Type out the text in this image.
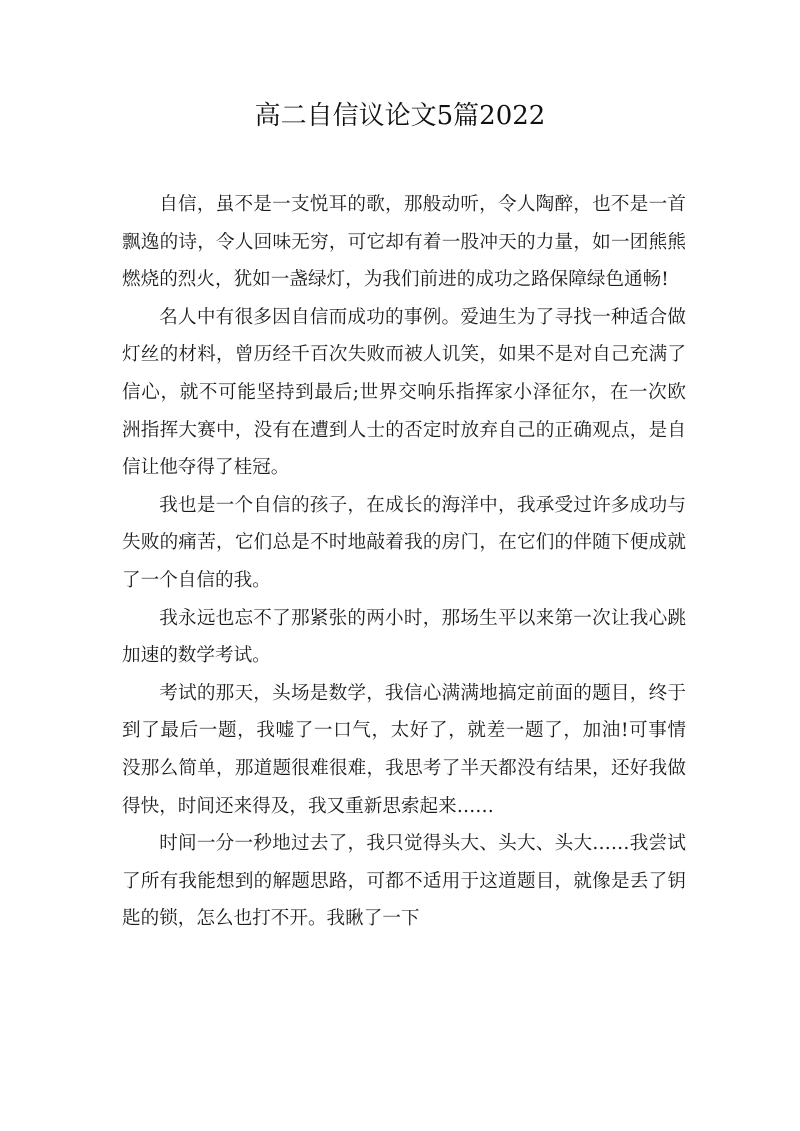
高二自信议论文5篇2022

自信，虽不是一支悦耳的歌，那般动听，令人陶醉，也不是一首飘逸的诗，令人回味无穷，可它却有着一股冲天的力量，如一团熊熊燃烧的烈火，犹如一盏绿灯，为我们前进的成功之路保障绿色通畅!

名人中有很多因自信而成功的事例。爱迪生为了寻找一种适合做灯丝的材料，曾历经千百次失败而被人讥笑，如果不是对自己充满了信心，就不可能坚持到最后;世界交响乐指挥家小泽征尔，在一次欧洲指挥大赛中，没有在遭到人士的否定时放弃自己的正确观点，是自信让他夺得了桂冠。

我也是一个自信的孩子，在成长的海洋中，我承受过许多成功与失败的痛苦，它们总是不时地敲着我的房门，在它们的伴随下便成就了一个自信的我。

我永远也忘不了那紧张的两小时，那场生平以来第一次让我心跳加速的数学考试。

考试的那天，头场是数学，我信心满满地搞定前面的题目，终于到了最后一题，我嘘了一口气，太好了，就差一题了，加油!可事情没那么简单，那道题很难很难，我思考了半天都没有结果，还好我做得快，时间还来得及，我又重新思索起来……

时间一分一秒地过去了，我只觉得头大、头大、头大……我尝试了所有我能想到的解题思路，可都不适用于这道题目，就像是丢了钥匙的锁，怎么也打不开。我瞅了一下
